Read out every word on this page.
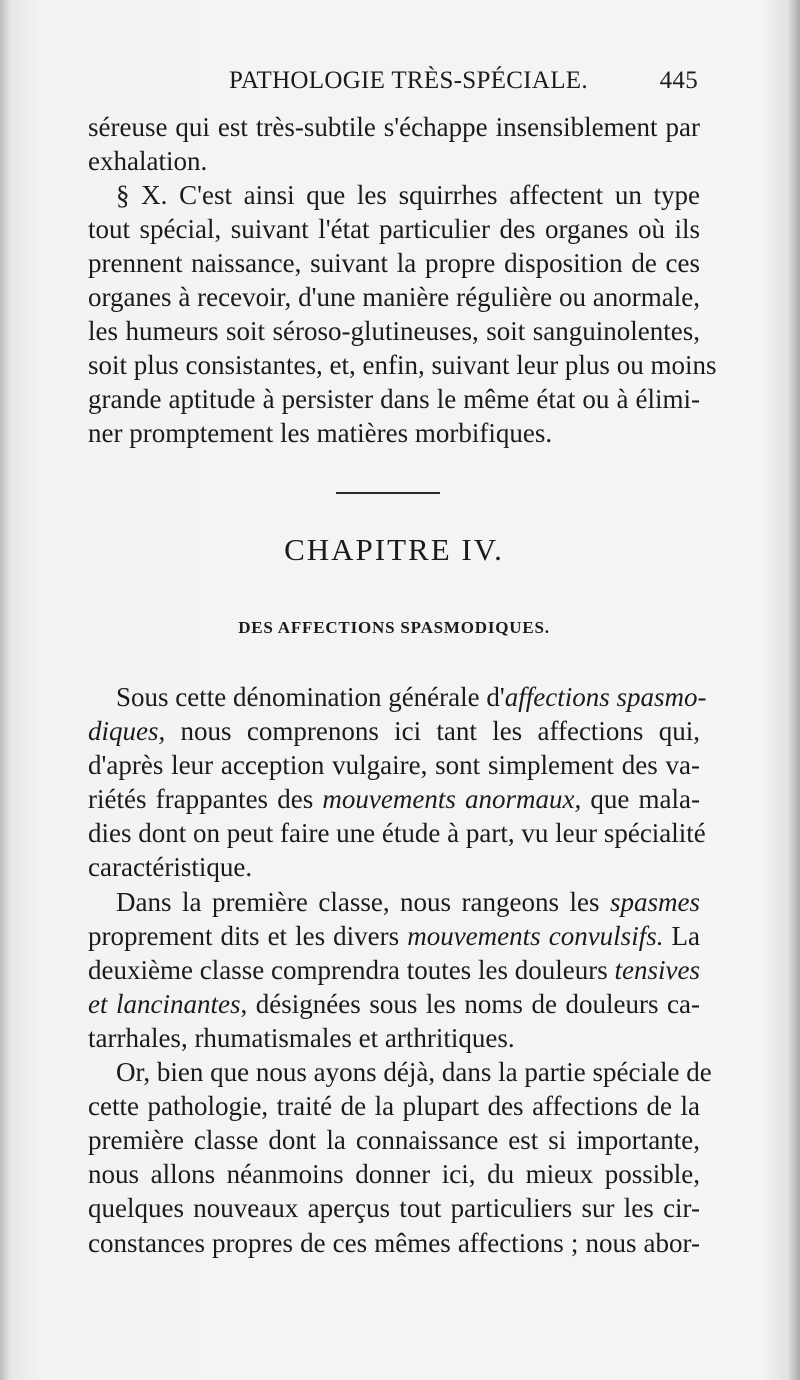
PATHOLOGIE TRÈS-SPÉCIALE.	445
séreuse qui est très-subtile s'échappe insensiblement par
exhalation.
§ X. C'est ainsi que les squirrhes affectent un type
tout spécial, suivant l'état particulier des organes où ils
prennent naissance, suivant la propre disposition de ces
organes à recevoir, d'une manière régulière ou anormale,
les humeurs soit séroso-glutineuses, soit sanguinolentes,
soit plus consistantes, et, enfin, suivant leur plus ou moins
grande aptitude à persister dans le même état ou à élimi-
ner promptement les matières morbifiques.
CHAPITRE IV.
DES AFFECTIONS SPASMODIQUES.
Sous cette dénomination générale d'affections spasmo-
diques, nous comprenons ici tant les affections qui,
d'après leur acception vulgaire, sont simplement des va-
riétés frappantes des mouvements anormaux, que mala-
dies dont on peut faire une étude à part, vu leur spécialité
caractéristique.
Dans la première classe, nous rangeons les spasmes
proprement dits et les divers mouvements convulsifs. La
deuxième classe comprendra toutes les douleurs tensives
et lancinantes, désignées sous les noms de douleurs ca-
tarrhales, rhumatismales et arthritiques.
Or, bien que nous ayons déjà, dans la partie spéciale de
cette pathologie, traité de la plupart des affections de la
première classe dont la connaissance est si importante,
nous allons néanmoins donner ici, du mieux possible,
quelques nouveaux aperçus tout particuliers sur les cir-
constances propres de ces mêmes affections ; nous abor-
